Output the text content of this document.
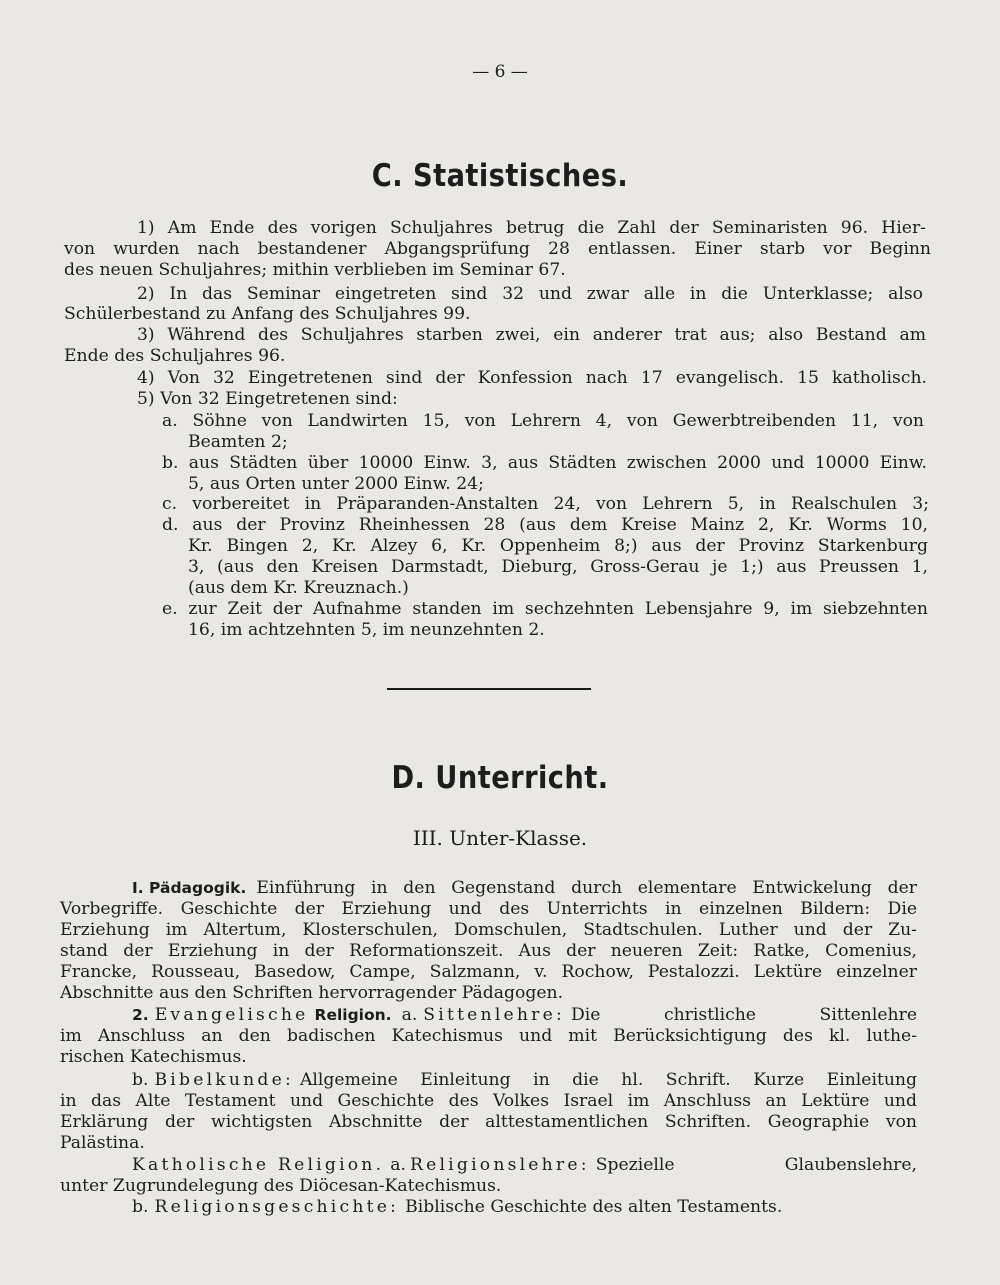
— 6 —
C. Statistisches.
1) Am Ende des vorigen Schuljahres betrug die Zahl der Seminaristen 96. Hier-
von wurden nach bestandener Abgangsprüfung 28 entlassen. Einer starb vor Beginn
des neuen Schuljahres; mithin verblieben im Seminar 67.
2) In das Seminar eingetreten sind 32 und zwar alle in die Unterklasse; also
Schülerbestand zu Anfang des Schuljahres 99.
3) Während des Schuljahres starben zwei, ein anderer trat aus; also Bestand am
Ende des Schuljahres 96.
4) Von 32 Eingetretenen sind der Konfession nach 17 evangelisch. 15 katholisch.
5) Von 32 Eingetretenen sind:
a. Söhne von Landwirten 15, von Lehrern 4, von Gewerbtreibenden 11, von
Beamten 2;
b. aus Städten über 10000 Einw. 3, aus Städten zwischen 2000 und 10000 Einw.
5, aus Orten unter 2000 Einw. 24;
c. vorbereitet in Präparanden-Anstalten 24, von Lehrern 5, in Realschulen 3;
d. aus der Provinz Rheinhessen 28 (aus dem Kreise Mainz 2, Kr. Worms 10,
Kr. Bingen 2, Kr. Alzey 6, Kr. Oppenheim 8;) aus der Provinz Starkenburg
3, (aus den Kreisen Darmstadt, Dieburg, Gross-Gerau je 1;) aus Preussen 1,
(aus dem Kr. Kreuznach.)
e. zur Zeit der Aufnahme standen im sechzehnten Lebensjahre 9, im siebzehnten
16, im achtzehnten 5, im neunzehnten 2.
D. Unterricht.
III. Unter-Klasse.
I. Pädagogik. Einführung in den Gegenstand durch elementare Entwickelung der
Vorbegriffe. Geschichte der Erziehung und des Unterrichts in einzelnen Bildern: Die
Erziehung im Altertum, Klosterschulen, Domschulen, Stadtschulen. Luther und der Zu-
stand der Erziehung in der Reformationszeit. Aus der neueren Zeit: Ratke, Comenius,
Francke, Rousseau, Basedow, Campe, Salzmann, v. Rochow, Pestalozzi. Lektüre einzelner
Abschnitte aus den Schriften hervorragender Pädagogen.
2. Evangelische Religion. a. Sittenlehre: Die christliche Sittenlehre
im Anschluss an den badischen Katechismus und mit Berücksichtigung des kl. luthe-
rischen Katechismus.
b. Bibelkunde: Allgemeine Einleitung in die hl. Schrift. Kurze Einleitung
in das Alte Testament und Geschichte des Volkes Israel im Anschluss an Lektüre und
Erklärung der wichtigsten Abschnitte der alttestamentlichen Schriften. Geographie von
Palästina.
Katholische Religion. a. Religionslehre: Spezielle Glaubenslehre,
unter Zugrundelegung des Diöcesan-Katechismus.
b. Religionsgeschichte: Biblische Geschichte des alten Testaments.
